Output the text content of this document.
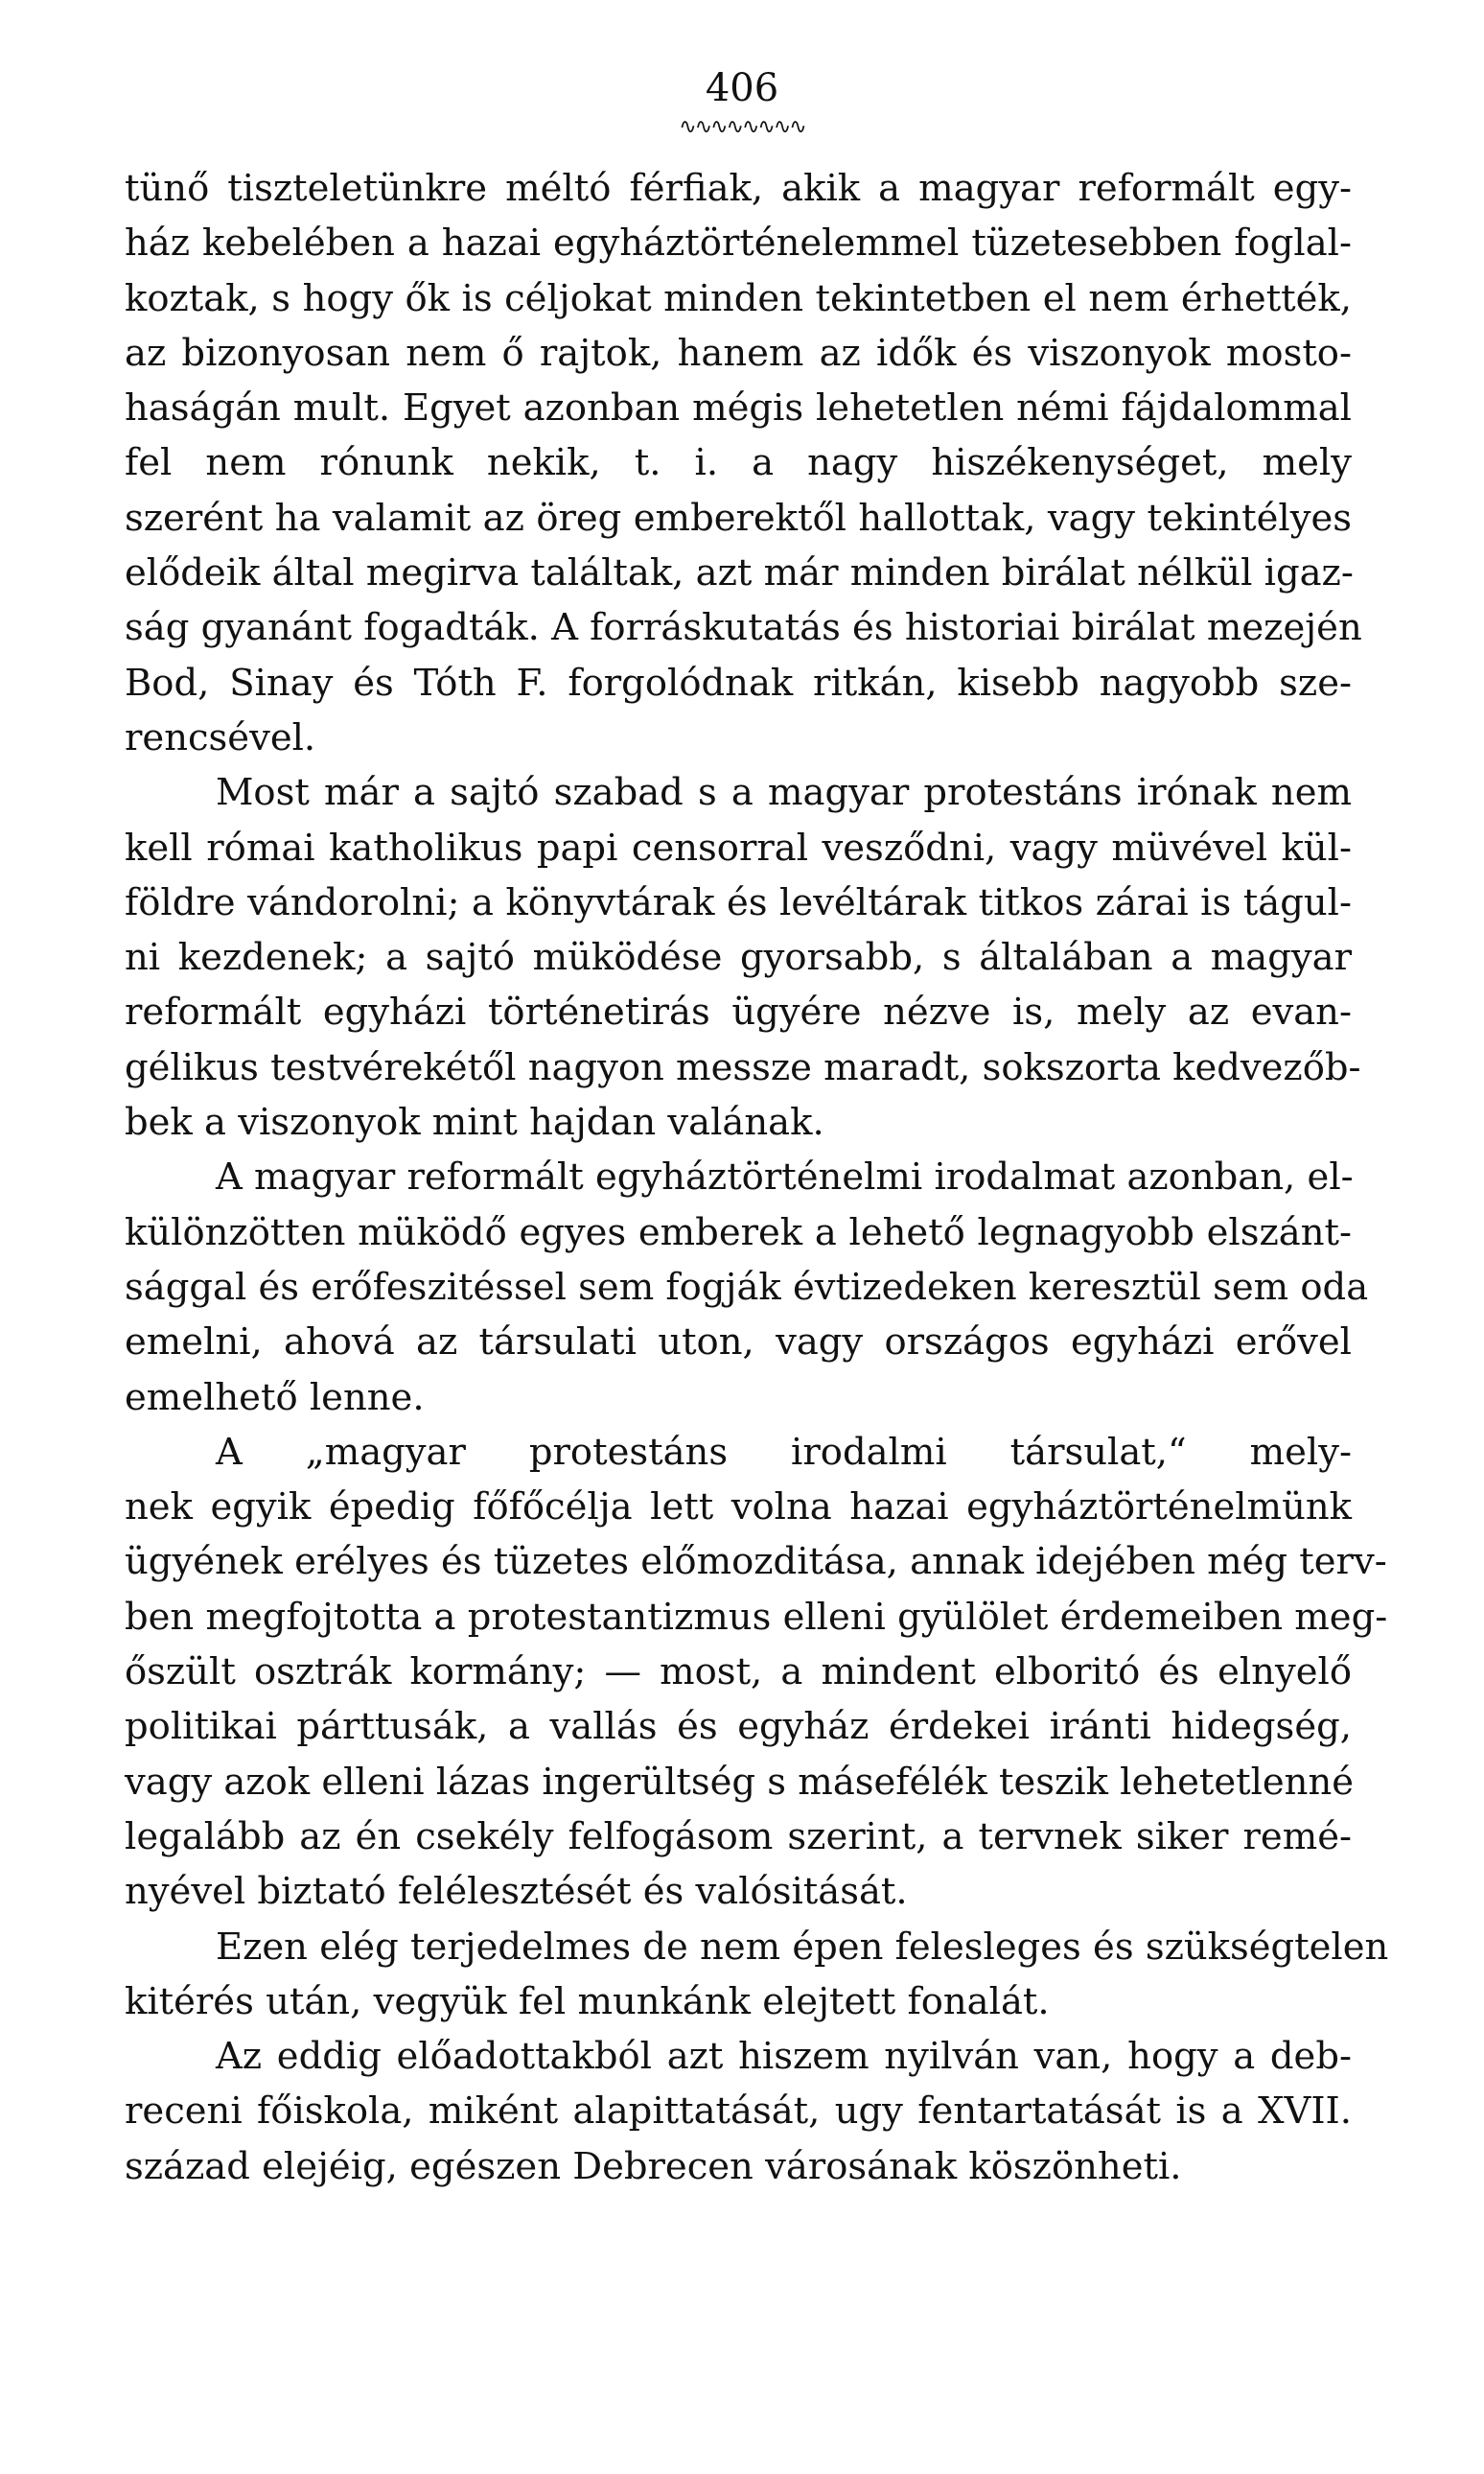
406
∿∿∿∿∿∿∿∿
tünő tiszteletünkre méltó férfiak, akik a magyar reformált egy-
ház kebelében a hazai egyháztörténelemmel tüzetesebben foglal-
koztak, s hogy ők is céljokat minden tekintetben el nem érhették,
az bizonyosan nem ő rajtok, hanem az idők és viszonyok mosto-
haságán mult. Egyet azonban mégis lehetetlen némi fájdalommal
fel nem rónunk nekik, t. i. a nagy hiszékenységet, mely
szerént ha valamit az öreg emberektől hallottak, vagy tekintélyes
elődeik által megirva találtak, azt már minden birálat nélkül igaz-
ság gyanánt fogadták. A forráskutatás és historiai birálat mezején
Bod, Sinay és Tóth F. forgolódnak ritkán, kisebb nagyobb sze-
rencsével.
Most már a sajtó szabad s a magyar protestáns irónak nem
kell római katholikus papi censorral vesződni, vagy müvével kül-
földre vándorolni; a könyvtárak és levéltárak titkos zárai is tágul-
ni kezdenek; a sajtó müködése gyorsabb, s általában a magyar
reformált egyházi történetirás ügyére nézve is, mely az evan-
gélikus testvérekétől nagyon messze maradt, sokszorta kedvezőb-
bek a viszonyok mint hajdan valának.
A magyar reformált egyháztörténelmi irodalmat azonban, el-
különzötten müködő egyes emberek a lehető legnagyobb elszánt-
sággal és erőfeszitéssel sem fogják évtizedeken keresztül sem oda
emelni, ahová az társulati uton, vagy országos egyházi erővel
emelhető lenne.
A „magyar protestáns irodalmi társulat,“ mely-
nek egyik épedig főfőcélja lett volna hazai egyháztörténelmünk
ügyének erélyes és tüzetes előmozditása, annak idejében még terv-
ben megfojtotta a protestantizmus elleni gyülölet érdemeiben meg-
őszült osztrák kormány; — most, a mindent elboritó és elnyelő
politikai párttusák, a vallás és egyház érdekei iránti hidegség,
vagy azok elleni lázas ingerültség s másefélék teszik lehetetlenné
legalább az én csekély felfogásom szerint, a tervnek siker remé-
nyével biztató felélesztését és valósitását.
Ezen elég terjedelmes de nem épen felesleges és szükségtelen
kitérés után, vegyük fel munkánk elejtett fonalát.
Az eddig előadottakból azt hiszem nyilván van, hogy a deb-
receni főiskola, miként alapittatását, ugy fentartatását is a XVII.
század elejéig, egészen Debrecen városának köszönheti.
